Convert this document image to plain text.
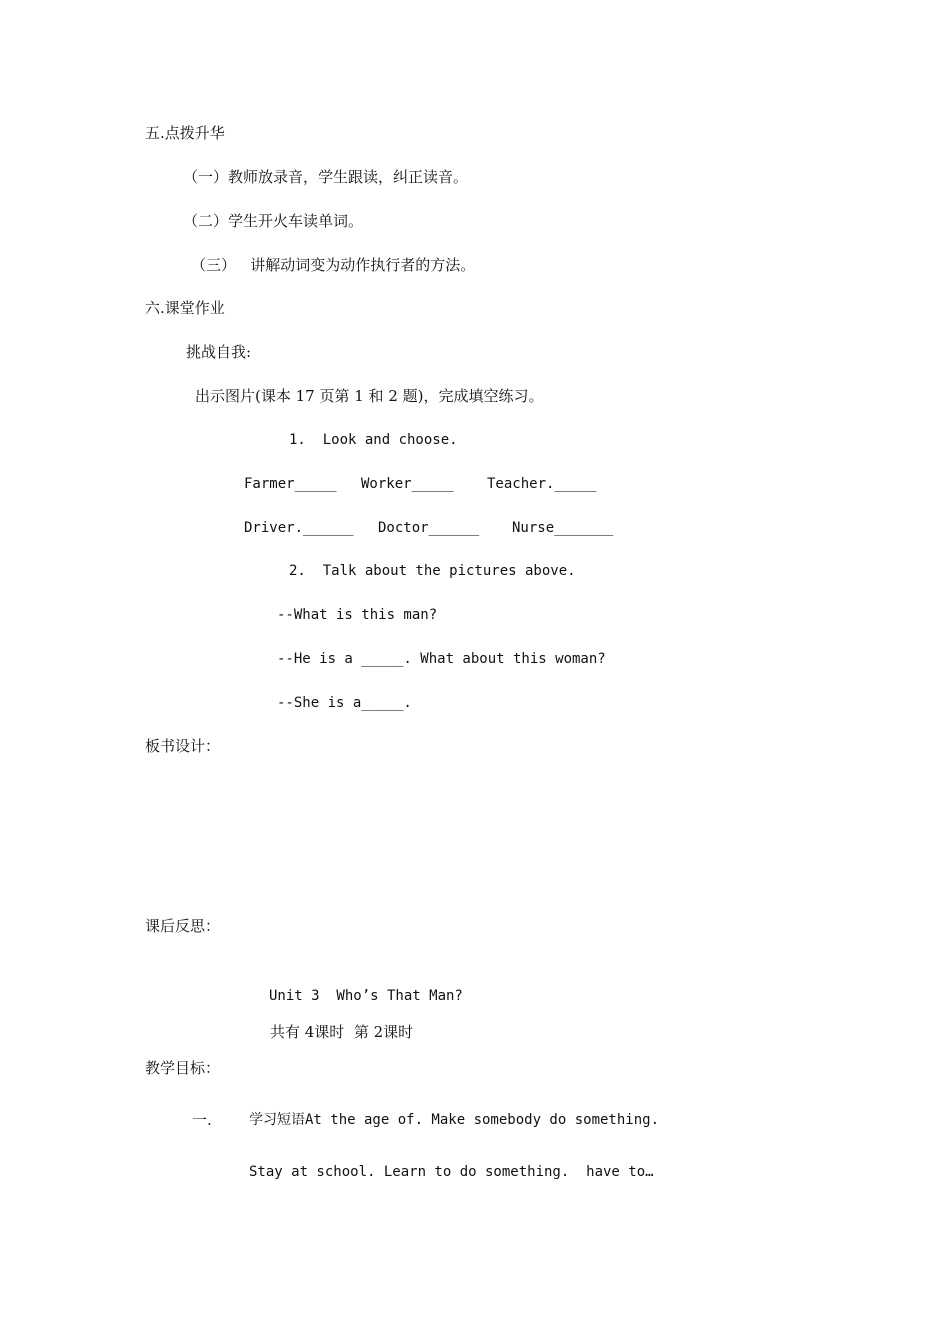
五.点拨升华
（一）教师放录音，学生跟读，纠正读音。
（二）学生开火车读单词。
（三）   讲解动词变为动作执行者的方法。
六.课堂作业
挑战自我:
出示图片(课本 17 页第 1 和 2 题)，完成填空练习。
1.  Look and choose.
Farmer_____ Worker_____ Teacher._____
Driver.______ Doctor______ Nurse_______
2.  Talk about the pictures above.
--What is this man?
--He is a _____. What about this woman?
--She is a_____.
板书设计：
课后反思：
Unit 3  Who’s That Man?
共有 4课时  第 2课时
教学目标：
一.	学习短语At the age of. Make somebody do something.
Stay at school. Learn to do something.  have to…
